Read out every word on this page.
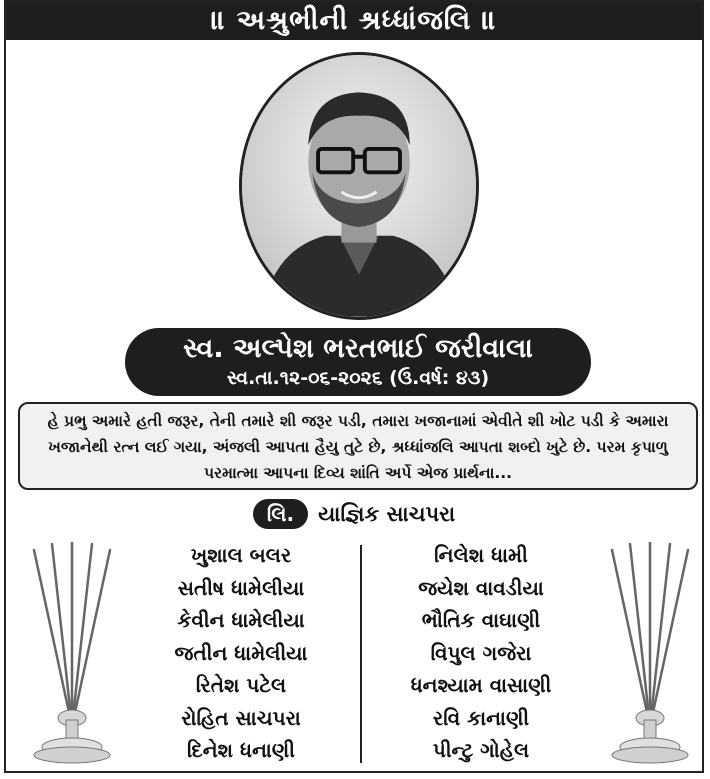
॥ અશ્રુભીની શ્રધ્ધાંજલિ ॥
સ્વ. અલ્પેશ ભરતભાઈ જરીવાલા
સ્વ.તા.૧૨-૦૬-૨૦૨૬ (ઉ.વર્ષ: ૪૩)
હે પ્રભુ અમારે હતી જરૂર, તેની તમારે શી જરૂર પડી, તમારા ખજાનામાં એવીતે શી ખોટ પડી કે અમારા ખજાનેથી રત્ન લઈ ગયા, અંજલી આપતા હૈયુ તુટે છે, શ્રધ્ધાંજલિ આપતા શબ્દો ખુટે છે. પરમ કૃપાળુ પરમાત્મા આપના દિવ્ય શાંતિ અર્પે એજ પ્રાર્થના...
લિ.	યાજ્ઞિક સાચપરા
ખુશાલ બલર
સતીષ ધામેલીયા
કેવીન ધામેલીયા
જતીન ધામેલીયા
રિતેશ પટેલ
રોહિત સાચપરા
દિનેશ ધનાણી
નિલેશ ધામી
જયેશ વાવડીયા
ભૌતિક વાઘાણી
વિપુલ ગજેરા
ધનશ્યામ વાસાણી
રવિ કાનાણી
પીન્ટુ ગોહેલ
